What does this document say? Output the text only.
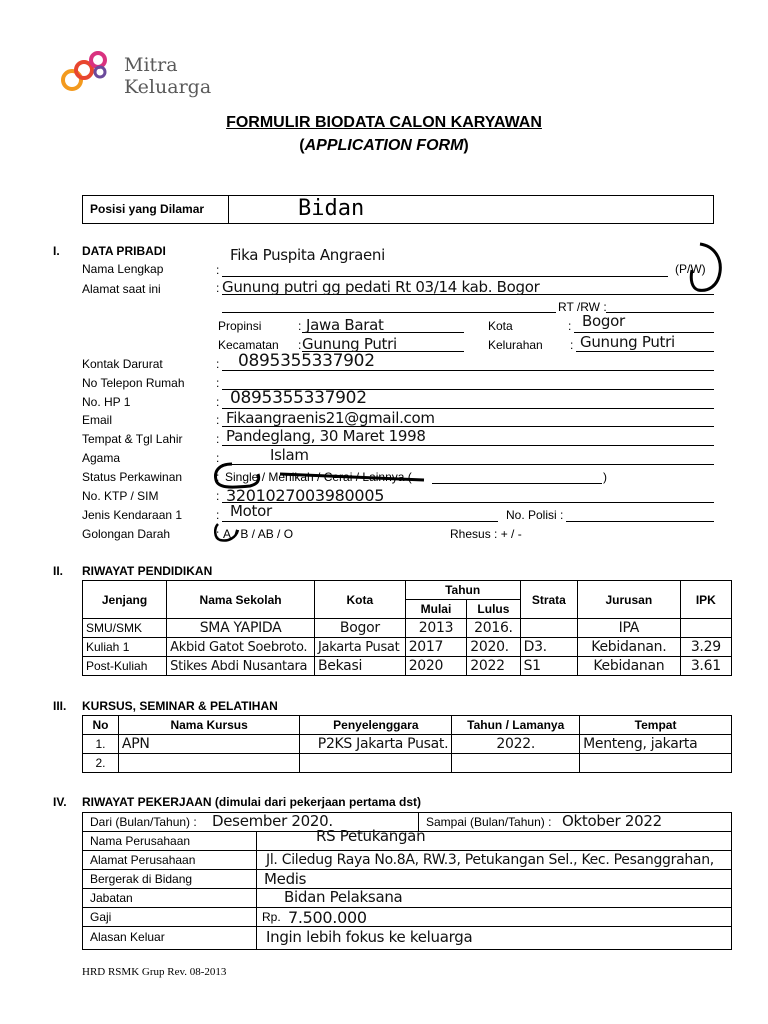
Mitra
Keluarga
FORMULIR BIODATA CALON KARYAWAN
(APPLICATION FORM)
Posisi yang Dilamar	Bidan
I. DATA PRIBADI
Nama Lengkap	:
Fika Puspita Angraeni
(P/W)
Alamat saat ini	: Gunung putri gg pedati Rt 03/14 kab. Bogor
RT /RW :
Propinsi	: Jawa Barat	Kota	: Bogor
Kecamatan : Gunung Putri	Kelurahan : Gunung Putri
Kontak Darurat	: 0895355337902
No Telepon Rumah	:
No. HP 1	: 0895355337902
Email	: Fikaangraenis21@gmail.com
Tempat & Tgl Lahir	: Pandeglang, 30 Maret 1998
Agama	:	Islam
Status Perkawinan	: Single / Menikah / Cerai / Lainnya (	)
No. KTP / SIM	: 3201027003980005
Jenis Kendaraan 1	: Motor	No. Polisi :
Golongan Darah	: A / B / AB / O	Rhesus : + / -
II. RIWAYAT PENDIDIKAN
Jenjang	Nama Sekolah	Kota	Tahun		Strata	Jurusan	IPK
			Mulai	Lulus			
SMU/SMK	SMA YAPIDA	Bogor	2013	2016.		IPA	
Kuliah 1	Akbid Gatot Soebroto.	Jakarta Pusat	2017	2020.	D3.	Kebidanan.	3.29
Post-Kuliah	Stikes Abdi Nusantara	Bekasi	2020	2022	S1	Kebidanan	3.61
III. KURSUS, SEMINAR & PELATIHAN
No	Nama Kursus	Penyelenggara	Tahun / Lamanya	Tempat
1.	APN	P2KS Jakarta Pusat.	2022.	Menteng, jakarta
2.				
IV. RIWAYAT PEKERJAAN (dimulai dari pekerjaan pertama dst)
Dari (Bulan/Tahun) : Desember 2020.	Sampai (Bulan/Tahun) : Oktober 2022
Nama Perusahaan	RS Petukangan
Alamat Perusahaan	Jl. Ciledug Raya No.8A, RW.3, Petukangan Sel., Kec. Pesanggrahan,
Bergerak di Bidang	Medis
Jabatan	Bidan Pelaksana
Gaji	Rp. 7.500.000
Alasan Keluar	Ingin lebih fokus ke keluarga
HRD RSMK Grup Rev. 08-2013
